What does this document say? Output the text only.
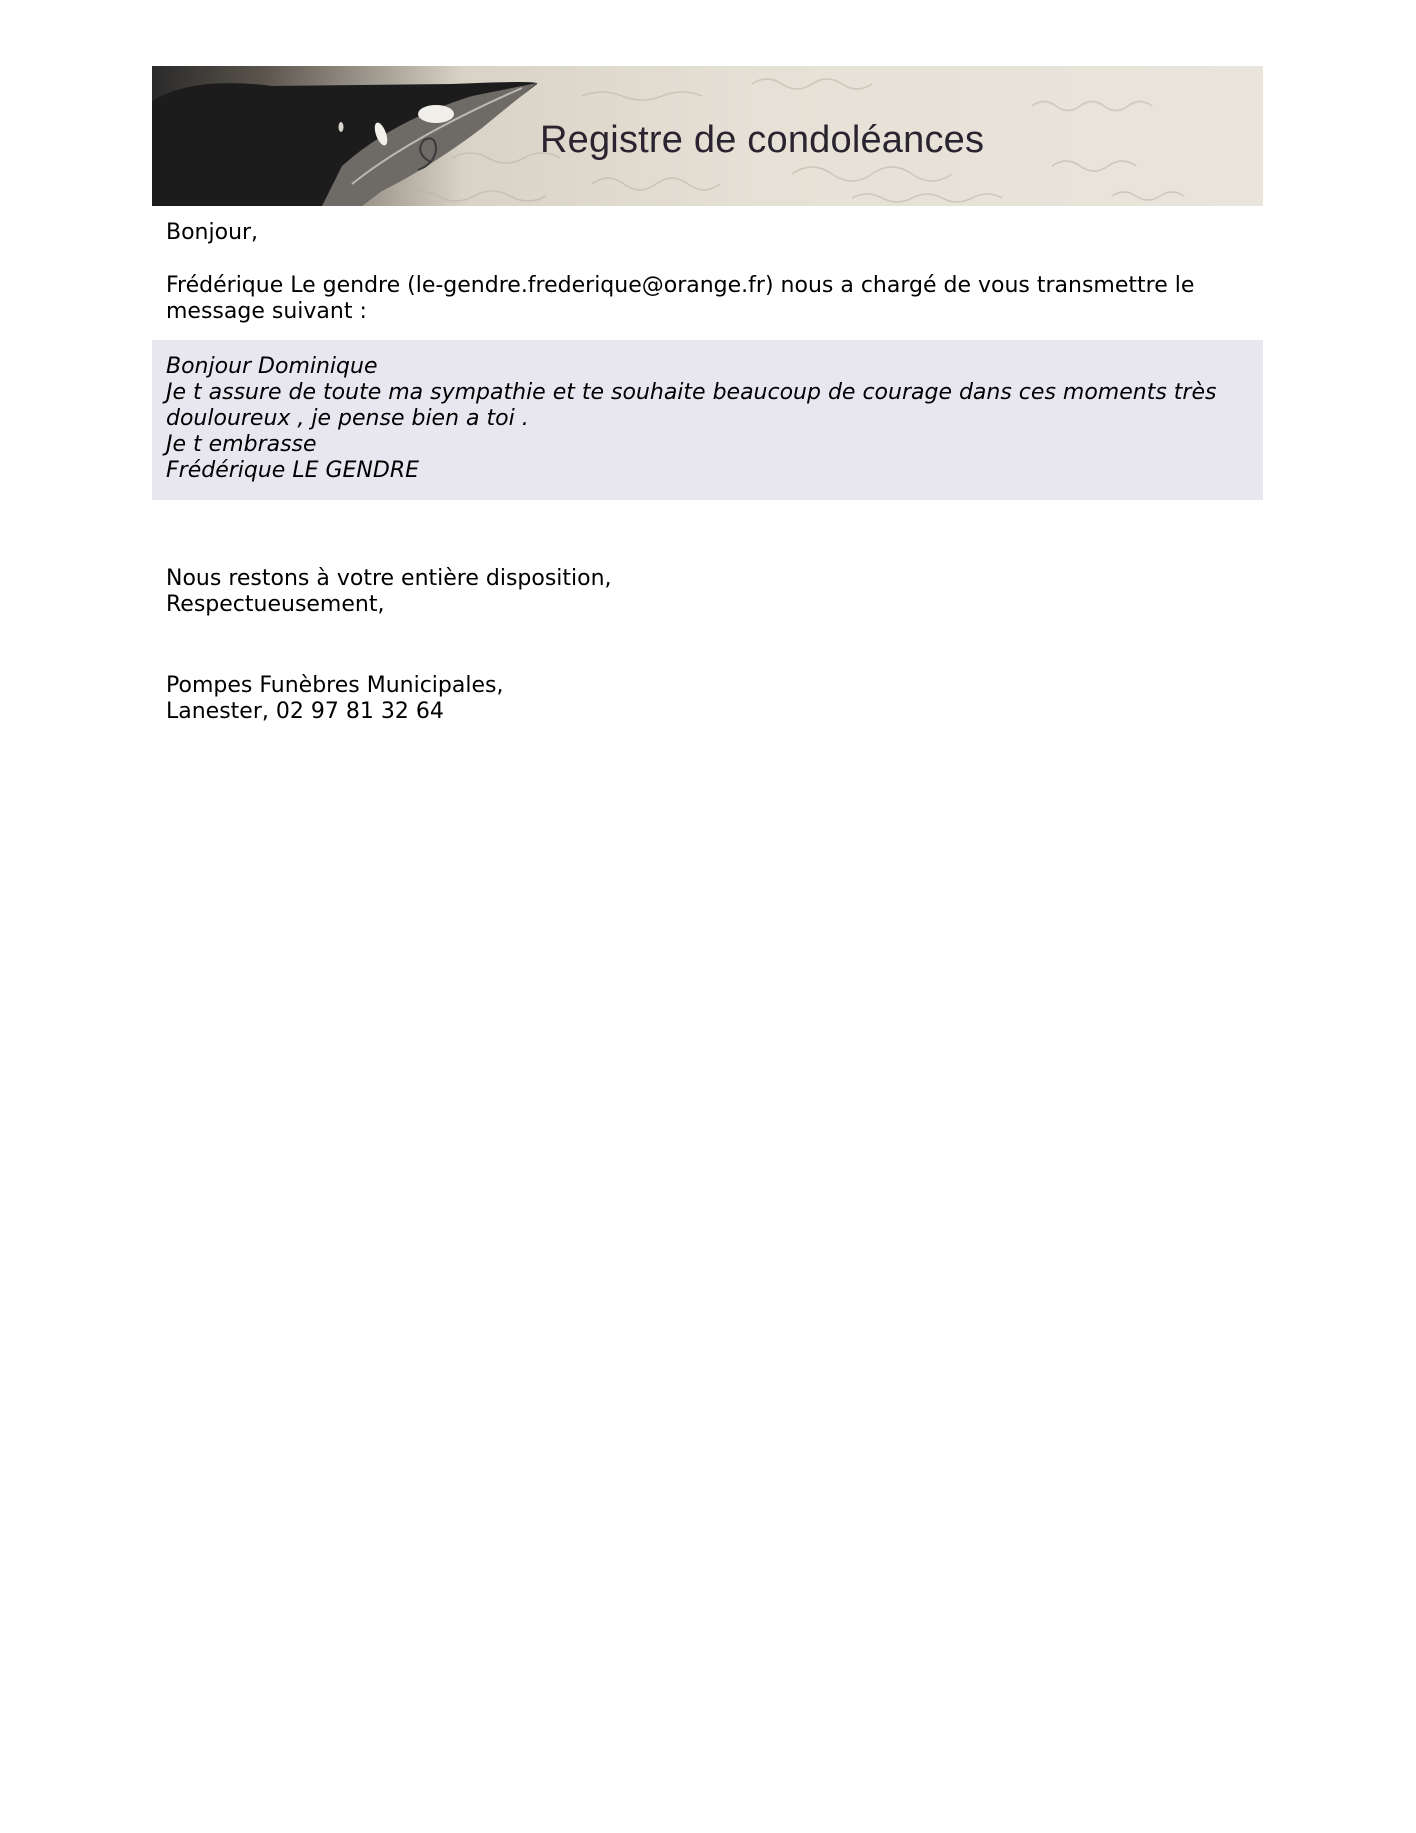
Registre de condoléances

Bonjour,

Frédérique Le gendre (le-gendre.frederique@orange.fr) nous a chargé de vous transmettre le message suivant :

Bonjour Dominique
Je t assure de toute ma sympathie et te souhaite beaucoup de courage dans ces moments très douloureux , je pense bien a toi .
Je t embrasse
Frédérique LE GENDRE
Nous restons à votre entière disposition,
Respectueusement,
Pompes Funèbres Municipales,
Lanester, 02 97 81 32 64
